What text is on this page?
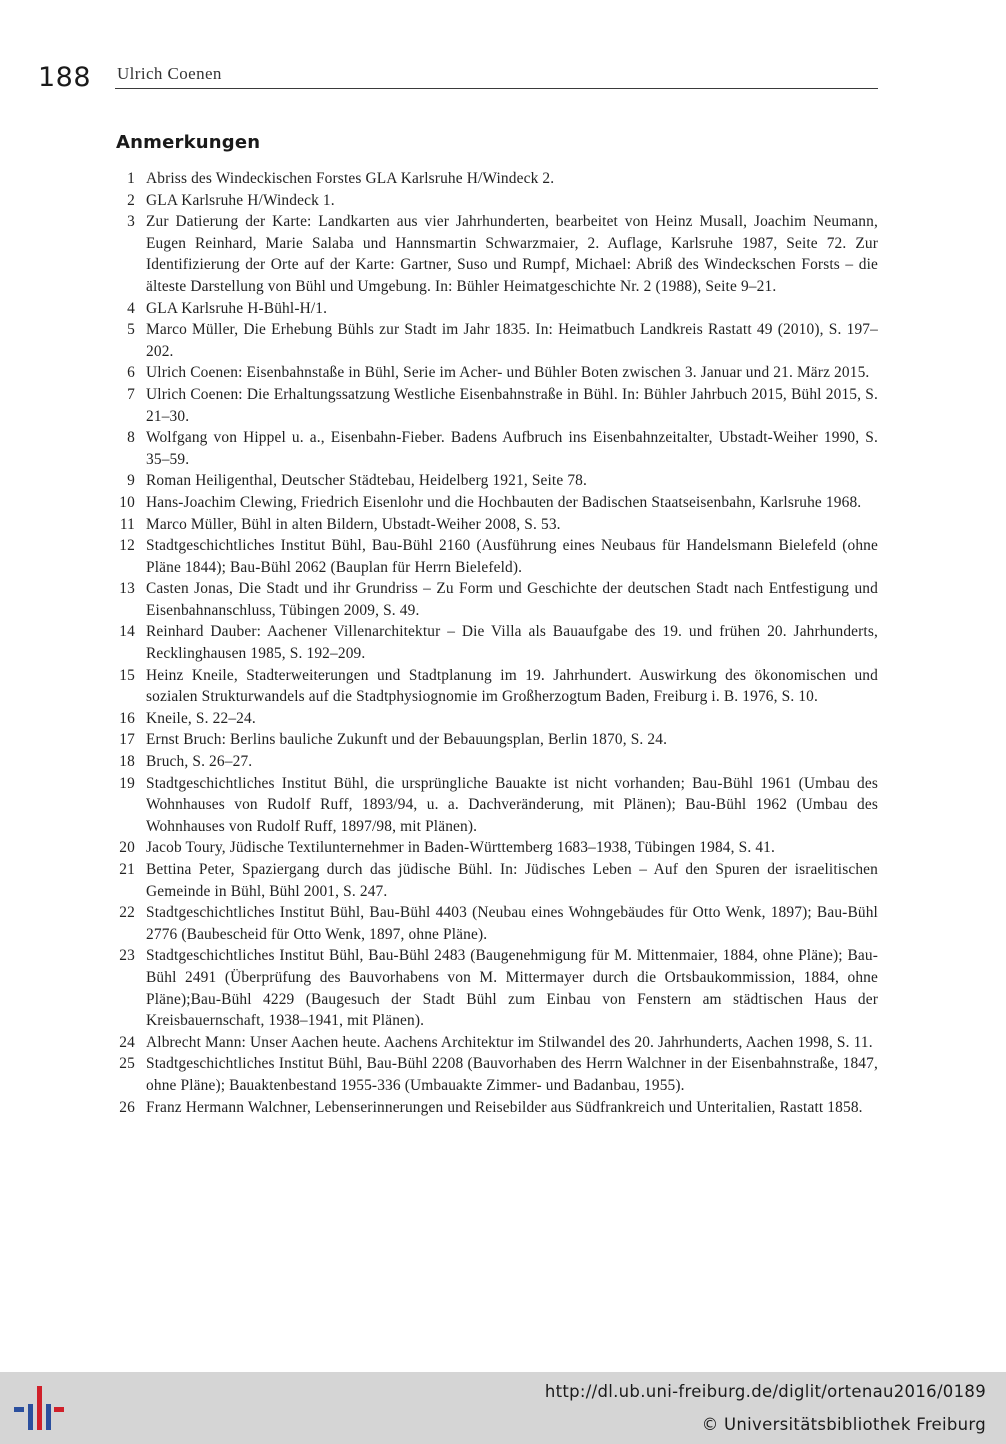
188 Ulrich Coenen
Anmerkungen
1 Abriss des Windeckischen Forstes GLA Karlsruhe H/Windeck 2.
2 GLA Karlsruhe H/Windeck 1.
3 Zur Datierung der Karte: Landkarten aus vier Jahrhunderten, bearbeitet von Heinz Musall, Joachim Neumann, Eugen Reinhard, Marie Salaba und Hannsmartin Schwarzmaier, 2. Auflage, Karlsruhe 1987, Seite 72. Zur Identifizierung der Orte auf der Karte: Gartner, Suso und Rumpf, Michael: Abriß des Windeckschen Forsts – die älteste Darstellung von Bühl und Umgebung. In: Bühler Heimatgeschichte Nr. 2 (1988), Seite 9–21.
4 GLA Karlsruhe H-Bühl-H/1.
5 Marco Müller, Die Erhebung Bühls zur Stadt im Jahr 1835. In: Heimatbuch Landkreis Rastatt 49 (2010), S. 197–202.
6 Ulrich Coenen: Eisenbahnstaße in Bühl, Serie im Acher- und Bühler Boten zwischen 3. Januar und 21. März 2015.
7 Ulrich Coenen: Die Erhaltungssatzung Westliche Eisenbahnstraße in Bühl. In: Bühler Jahrbuch 2015, Bühl 2015, S. 21–30.
8 Wolfgang von Hippel u. a., Eisenbahn-Fieber. Badens Aufbruch ins Eisenbahnzeitalter, Ubstadt-Weiher 1990, S. 35–59.
9 Roman Heiligenthal, Deutscher Städtebau, Heidelberg 1921, Seite 78.
10 Hans-Joachim Clewing, Friedrich Eisenlohr und die Hochbauten der Badischen Staatseisenbahn, Karlsruhe 1968.
11 Marco Müller, Bühl in alten Bildern, Ubstadt-Weiher 2008, S. 53.
12 Stadtgeschichtliches Institut Bühl, Bau-Bühl 2160 (Ausführung eines Neubaus für Handelsmann Bielefeld (ohne Pläne 1844); Bau-Bühl 2062 (Bauplan für Herrn Bielefeld).
13 Casten Jonas, Die Stadt und ihr Grundriss – Zu Form und Geschichte der deutschen Stadt nach Entfestigung und Eisenbahnanschluss, Tübingen 2009, S. 49.
14 Reinhard Dauber: Aachener Villenarchitektur – Die Villa als Bauaufgabe des 19. und frühen 20. Jahrhunderts, Recklinghausen 1985, S. 192–209.
15 Heinz Kneile, Stadterweiterungen und Stadtplanung im 19. Jahrhundert. Auswirkung des ökonomischen und sozialen Strukturwandels auf die Stadtphysiognomie im Großherzogtum Baden, Freiburg i. B. 1976, S. 10.
16 Kneile, S. 22–24.
17 Ernst Bruch: Berlins bauliche Zukunft und der Bebauungsplan, Berlin 1870, S. 24.
18 Bruch, S. 26–27.
19 Stadtgeschichtliches Institut Bühl, die ursprüngliche Bauakte ist nicht vorhanden; Bau-Bühl 1961 (Umbau des Wohnhauses von Rudolf Ruff, 1893/94, u. a. Dachveränderung, mit Plänen); Bau-Bühl 1962 (Umbau des Wohnhauses von Rudolf Ruff, 1897/98, mit Plänen).
20 Jacob Toury, Jüdische Textilunternehmer in Baden-Württemberg 1683–1938, Tübingen 1984, S. 41.
21 Bettina Peter, Spaziergang durch das jüdische Bühl. In: Jüdisches Leben – Auf den Spuren der israelitischen Gemeinde in Bühl, Bühl 2001, S. 247.
22 Stadtgeschichtliches Institut Bühl, Bau-Bühl 4403 (Neubau eines Wohngebäudes für Otto Wenk, 1897); Bau-Bühl 2776 (Baubescheid für Otto Wenk, 1897, ohne Pläne).
23 Stadtgeschichtliches Institut Bühl, Bau-Bühl 2483 (Baugenehmigung für M. Mittenmaier, 1884, ohne Pläne); Bau-Bühl 2491 (Überprüfung des Bauvorhabens von M. Mittermayer durch die Ortsbaukommission, 1884, ohne Pläne);Bau-Bühl 4229 (Baugesuch der Stadt Bühl zum Einbau von Fenstern am städtischen Haus der Kreisbauernschaft, 1938–1941, mit Plänen).
24 Albrecht Mann: Unser Aachen heute. Aachens Architektur im Stilwandel des 20. Jahrhunderts, Aachen 1998, S. 11.
25 Stadtgeschichtliches Institut Bühl, Bau-Bühl 2208 (Bauvorhaben des Herrn Walchner in der Eisenbahnstraße, 1847, ohne Pläne); Bauaktenbestand 1955-336 (Umbauakte Zimmer- und Badanbau, 1955).
26 Franz Hermann Walchner, Lebenserinnerungen und Reisebilder aus Südfrankreich und Unteritalien, Rastatt 1858.
http://dl.ub.uni-freiburg.de/diglit/ortenau2016/0189
© Universitätsbibliothek Freiburg
